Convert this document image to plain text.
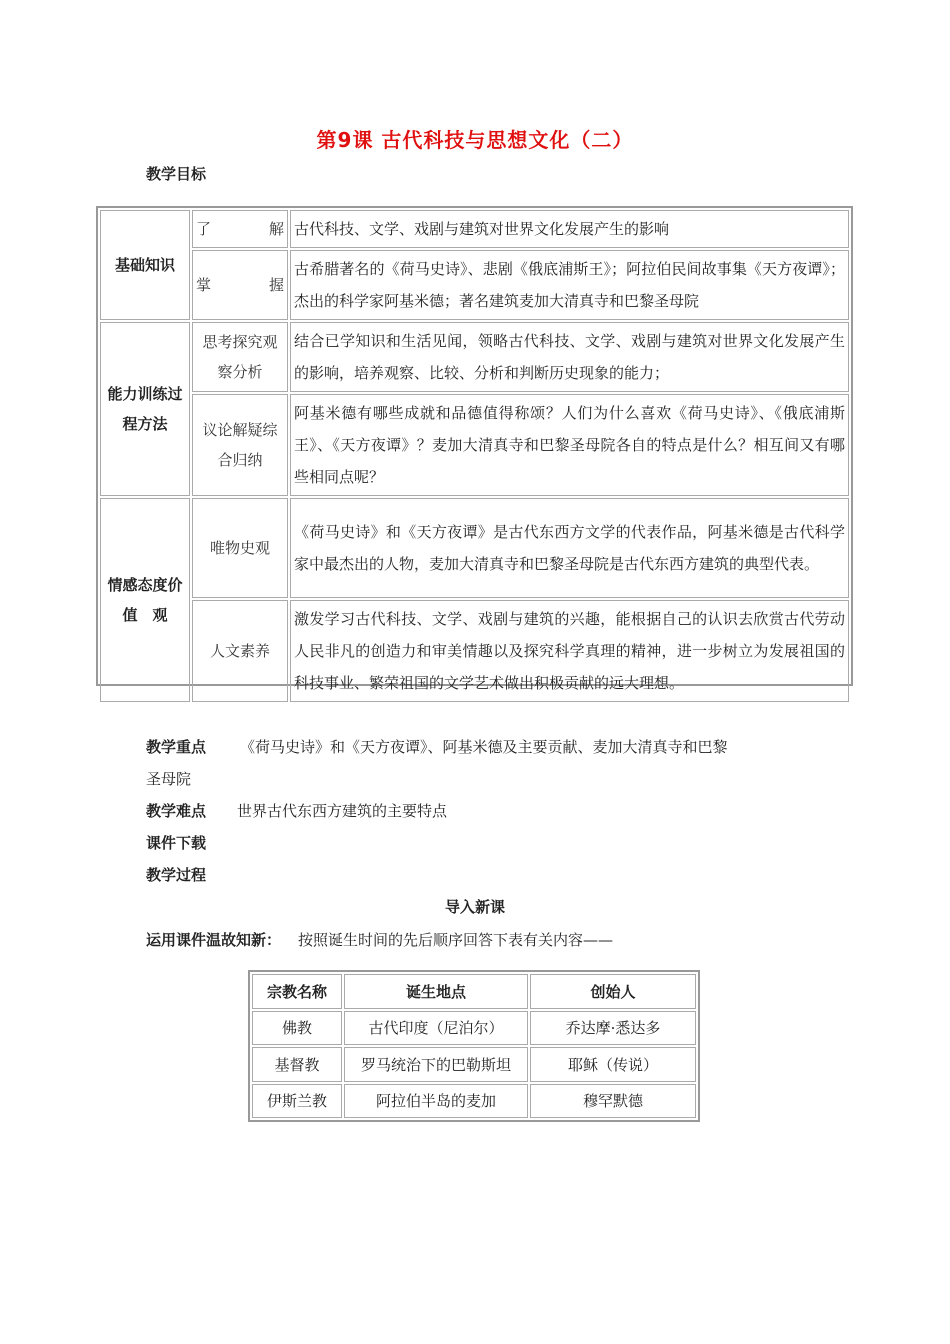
第9课 古代科技与思想文化（二）
教学目标
基础知识	了 解	古代科技、文学、戏剧与建筑对世界文化发展产生的影响
	掌 握	古希腊著名的《荷马史诗》、悲剧《俄底浦斯王》；阿拉伯民间故事集《天方夜谭》；杰出的科学家阿基米德；著名建筑麦加大清真寺和巴黎圣母院
能力训练过程方法	思考探究观察分析	结合已学知识和生活见闻，领略古代科技、文学、戏剧与建筑对世界文化发展产生的影响，培养观察、比较、分析和判断历史现象的能力；
	议论解疑综合归纳	阿基米德有哪些成就和品德值得称颂？人们为什么喜欢《荷马史诗》、《俄底浦斯王》、《天方夜谭》？麦加大清真寺和巴黎圣母院各自的特点是什么？相互间又有哪些相同点呢？
情感态度价值　观	唯物史观	《荷马史诗》和《天方夜谭》是古代东西方文学的代表作品，阿基米德是古代科学家中最杰出的人物，麦加大清真寺和巴黎圣母院是古代东西方建筑的典型代表。
	人文素养	激发学习古代科技、文学、戏剧与建筑的兴趣，能根据自己的认识去欣赏古代劳动人民非凡的创造力和审美情趣以及探究科学真理的精神，进一步树立为发展祖国的科技事业、繁荣祖国的文学艺术做出积极贡献的远大理想。
教学重点 《荷马史诗》和《天方夜谭》、阿基米德及主要贡献、麦加大清真寺和巴黎
圣母院
教学难点 世界古代东西方建筑的主要特点
课件下载
教学过程
导入新课
运用课件温故知新： 按照诞生时间的先后顺序回答下表有关内容——
宗教名称	诞生地点	创始人
佛教	古代印度（尼泊尔）	乔达摩·悉达多
基督教	罗马统治下的巴勒斯坦	耶稣（传说）
伊斯兰教	阿拉伯半岛的麦加	穆罕默德
